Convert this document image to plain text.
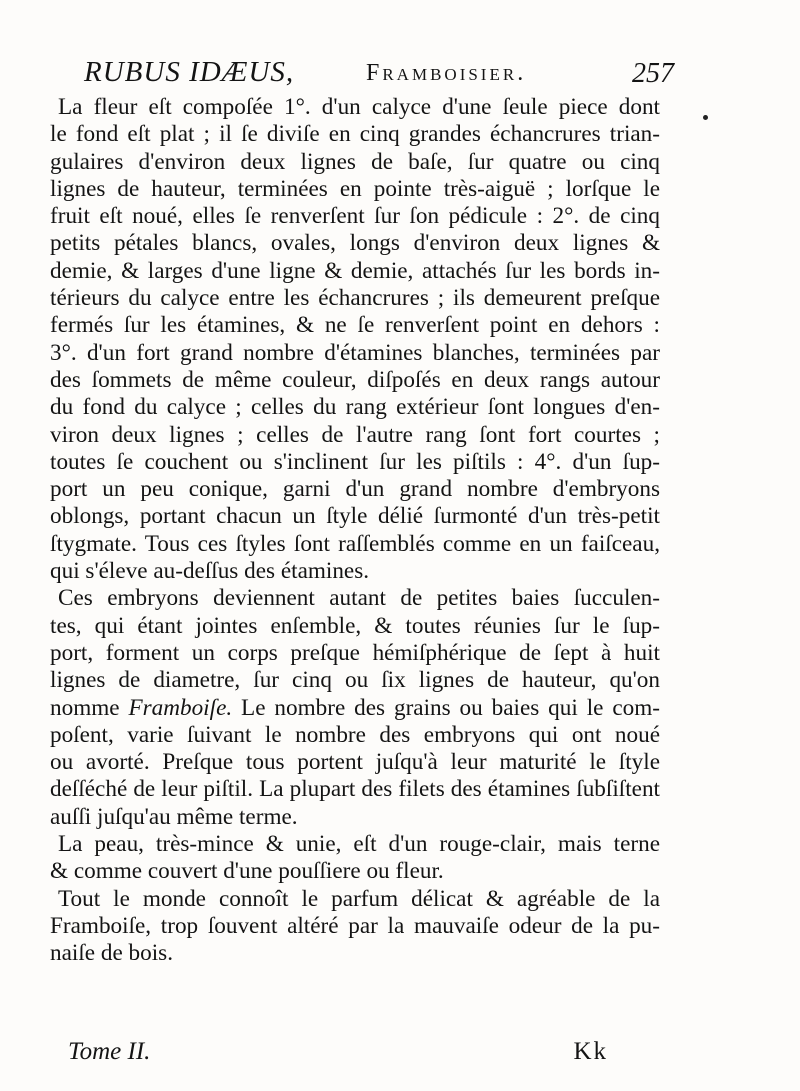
RUBUS IDÆUS,	Framboisier.	257
La fleur eſt compoſée 1°. d'un calyce d'une ſeule piece dont
le fond eſt plat ; il ſe diviſe en cinq grandes échancrures trian-
gulaires d'environ deux lignes de baſe, ſur quatre ou cinq
lignes de hauteur, terminées en pointe très-aiguë ; lorſque le
fruit eſt noué, elles ſe renverſent ſur ſon pédicule : 2°. de cinq
petits pétales blancs, ovales, longs d'environ deux lignes &
demie, & larges d'une ligne & demie, attachés ſur les bords in-
térieurs du calyce entre les échancrures ; ils demeurent preſque
fermés ſur les étamines, & ne ſe renverſent point en dehors :
3°. d'un fort grand nombre d'étamines blanches, terminées par
des ſommets de même couleur, diſpoſés en deux rangs autour
du fond du calyce ; celles du rang extérieur ſont longues d'en-
viron deux lignes ; celles de l'autre rang ſont fort courtes ;
toutes ſe couchent ou s'inclinent ſur les piſtils : 4°. d'un ſup-
port un peu conique, garni d'un grand nombre d'embryons
oblongs, portant chacun un ſtyle délié ſurmonté d'un très-petit
ſtygmate. Tous ces ſtyles ſont raſſemblés comme en un faiſceau,
qui s'éleve au-deſſus des étamines.
Ces embryons deviennent autant de petites baies ſucculen-
tes, qui étant jointes enſemble, & toutes réunies ſur le ſup-
port, forment un corps preſque hémiſphérique de ſept à huit
lignes de diametre, ſur cinq ou ſix lignes de hauteur, qu'on
nomme Framboiſe. Le nombre des grains ou baies qui le com-
poſent, varie ſuivant le nombre des embryons qui ont noué
ou avorté. Preſque tous portent juſqu'à leur maturité le ſtyle
deſſéché de leur piſtil. La plupart des filets des étamines ſubſiſtent
auſſi juſqu'au même terme.
La peau, très-mince & unie, eſt d'un rouge-clair, mais terne
& comme couvert d'une pouſſiere ou fleur.
Tout le monde connoît le parfum délicat & agréable de la
Framboiſe, trop ſouvent altéré par la mauvaiſe odeur de la pu-
naiſe de bois.
Tome II.	Kk
